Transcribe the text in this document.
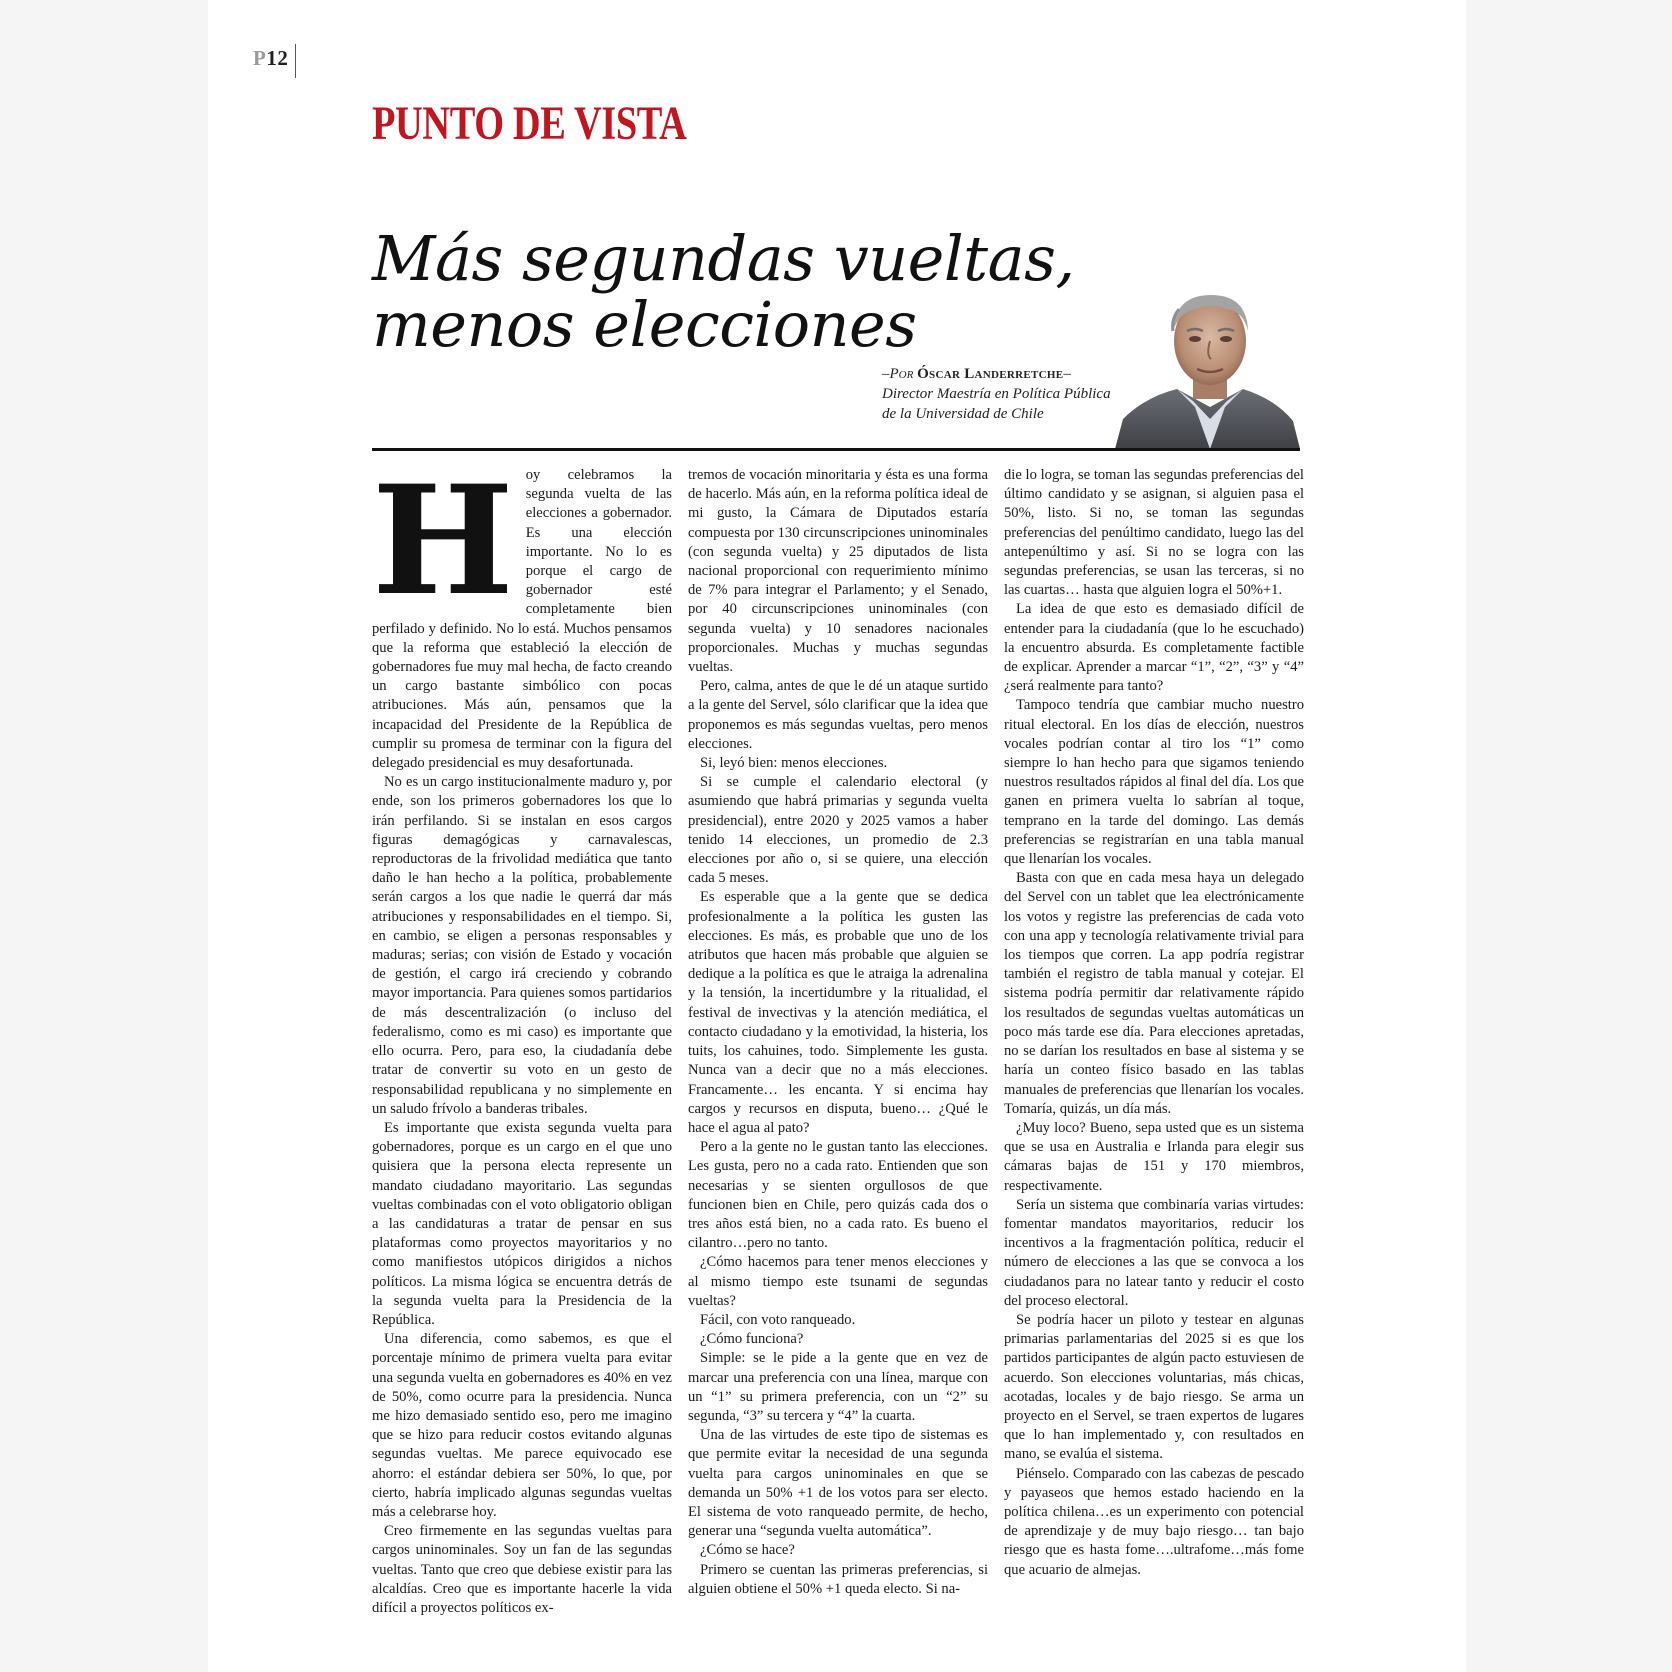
P12
PUNTO DE VISTA
Más segundas vueltas,
menos elecciones
–Por Óscar Landerretche–
Director Maestría en Política Pública
de la Universidad de Chile
H oy celebramos la segunda vuelta de las elecciones a gobernador. Es una elección importante. No lo es porque el cargo de gobernador esté completamente bien perfilado y definido. No lo está. Muchos pensamos que la reforma que estableció la elección de gobernadores fue muy mal hecha, de facto creando un cargo bastante simbólico con pocas atribuciones. Más aún, pensamos que la incapacidad del Presidente de la República de cumplir su promesa de terminar con la figura del delegado presidencial es muy desafortunada.

No es un cargo institucionalmente maduro y, por ende, son los primeros gobernadores los que lo irán perfilando. Si se instalan en esos cargos figuras demagógicas y carnavalescas, reproductoras de la frivolidad mediática que tanto daño le han hecho a la política, probablemente serán cargos a los que nadie le querrá dar más atribuciones y responsabilidades en el tiempo. Si, en cambio, se eligen a personas responsables y maduras; serias; con visión de Estado y vocación de gestión, el cargo irá creciendo y cobrando mayor importancia. Para quienes somos partidarios de más descentralización (o incluso del federalismo, como es mi caso) es importante que ello ocurra. Pero, para eso, la ciudadanía debe tratar de convertir su voto en un gesto de responsabilidad republicana y no simplemente en un saludo frívolo a banderas tribales.

Es importante que exista segunda vuelta para gobernadores, porque es un cargo en el que uno quisiera que la persona electa represente un mandato ciudadano mayoritario. Las segundas vueltas combinadas con el voto obligatorio obligan a las candidaturas a tratar de pensar en sus plataformas como proyectos mayoritarios y no como manifiestos utópicos dirigidos a nichos políticos. La misma lógica se encuentra detrás de la segunda vuelta para la Presidencia de la República.

Una diferencia, como sabemos, es que el porcentaje mínimo de primera vuelta para evitar una segunda vuelta en gobernadores es 40% en vez de 50%, como ocurre para la presidencia. Nunca me hizo demasiado sentido eso, pero me imagino que se hizo para reducir costos evitando algunas segundas vueltas. Me parece equivocado ese ahorro: el estándar debiera ser 50%, lo que, por cierto, habría implicado algunas segundas vueltas más a celebrarse hoy.

Creo firmemente en las segundas vueltas para cargos uninominales. Soy un fan de las segundas vueltas. Tanto que creo que debiese existir para las alcaldías. Creo que es importante hacerle la vida difícil a proyectos políticos ex-

tremos de vocación minoritaria y ésta es una forma de hacerlo. Más aún, en la reforma política ideal de mi gusto, la Cámara de Diputados estaría compuesta por 130 circunscripciones uninominales (con segunda vuelta) y 25 diputados de lista nacional proporcional con requerimiento mínimo de 7% para integrar el Parlamento; y el Senado, por 40 circunscripciones uninominales (con segunda vuelta) y 10 senadores nacionales proporcionales. Muchas y muchas segundas vueltas.

Pero, calma, antes de que le dé un ataque surtido a la gente del Servel, sólo clarificar que la idea que proponemos es más segundas vueltas, pero menos elecciones.

Si, leyó bien: menos elecciones.

Si se cumple el calendario electoral (y asumiendo que habrá primarias y segunda vuelta presidencial), entre 2020 y 2025 vamos a haber tenido 14 elecciones, un promedio de 2.3 elecciones por año o, si se quiere, una elección cada 5 meses.

Es esperable que a la gente que se dedica profesionalmente a la política les gusten las elecciones. Es más, es probable que uno de los atributos que hacen más probable que alguien se dedique a la política es que le atraiga la adrenalina y la tensión, la incertidumbre y la ritualidad, el festival de invectivas y la atención mediática, el contacto ciudadano y la emotividad, la histeria, los tuits, los cahuines, todo. Simplemente les gusta. Nunca van a decir que no a más elecciones. Francamente… les encanta. Y si encima hay cargos y recursos en disputa, bueno… ¿Qué le hace el agua al pato?

Pero a la gente no le gustan tanto las elecciones. Les gusta, pero no a cada rato. Entienden que son necesarias y se sienten orgullosos de que funcionen bien en Chile, pero quizás cada dos o tres años está bien, no a cada rato. Es bueno el cilantro…pero no tanto.

¿Cómo hacemos para tener menos elecciones y al mismo tiempo este tsunami de segundas vueltas?

Fácil, con voto ranqueado.

¿Cómo funciona?

Simple: se le pide a la gente que en vez de marcar una preferencia con una línea, marque con un “1” su primera preferencia, con un “2” su segunda, “3” su tercera y “4” la cuarta.

Una de las virtudes de este tipo de sistemas es que permite evitar la necesidad de una segunda vuelta para cargos uninominales en que se demanda un 50% +1 de los votos para ser electo. El sistema de voto ranqueado permite, de hecho, generar una “segunda vuelta automática”.

¿Cómo se hace?

Primero se cuentan las primeras preferencias, si alguien obtiene el 50% +1 queda electo. Si na-

die lo logra, se toman las segundas preferencias del último candidato y se asignan, si alguien pasa el 50%, listo. Si no, se toman las segundas preferencias del penúltimo candidato, luego las del antepenúltimo y así. Si no se logra con las segundas preferencias, se usan las terceras, si no las cuartas… hasta que alguien logra el 50%+1.

La idea de que esto es demasiado difícil de entender para la ciudadanía (que lo he escuchado) la encuentro absurda. Es completamente factible de explicar. Aprender a marcar “1”, “2”, “3” y “4” ¿será realmente para tanto?

Tampoco tendría que cambiar mucho nuestro ritual electoral. En los días de elección, nuestros vocales podrían contar al tiro los “1” como siempre lo han hecho para que sigamos teniendo nuestros resultados rápidos al final del día. Los que ganen en primera vuelta lo sabrían al toque, temprano en la tarde del domingo. Las demás preferencias se registrarían en una tabla manual que llenarían los vocales.

Basta con que en cada mesa haya un delegado del Servel con un tablet que lea electrónicamente los votos y registre las preferencias de cada voto con una app y tecnología relativamente trivial para los tiempos que corren. La app podría registrar también el registro de tabla manual y cotejar. El sistema podría permitir dar relativamente rápido los resultados de segundas vueltas automáticas un poco más tarde ese día. Para elecciones apretadas, no se darían los resultados en base al sistema y se haría un conteo físico basado en las tablas manuales de preferencias que llenarían los vocales. Tomaría, quizás, un día más.

¿Muy loco? Bueno, sepa usted que es un sistema que se usa en Australia e Irlanda para elegir sus cámaras bajas de 151 y 170 miembros, respectivamente.

Sería un sistema que combinaría varias virtudes: fomentar mandatos mayoritarios, reducir los incentivos a la fragmentación política, reducir el número de elecciones a las que se convoca a los ciudadanos para no latear tanto y reducir el costo del proceso electoral.

Se podría hacer un piloto y testear en algunas primarias parlamentarias del 2025 si es que los partidos participantes de algún pacto estuviesen de acuerdo. Son elecciones voluntarias, más chicas, acotadas, locales y de bajo riesgo. Se arma un proyecto en el Servel, se traen expertos de lugares que lo han implementado y, con resultados en mano, se evalúa el sistema.

Piénselo. Comparado con las cabezas de pescado y payaseos que hemos estado haciendo en la política chilena…es un experimento con potencial de aprendizaje y de muy bajo riesgo… tan bajo riesgo que es hasta fome….ultrafome…más fome que acuario de almejas.
